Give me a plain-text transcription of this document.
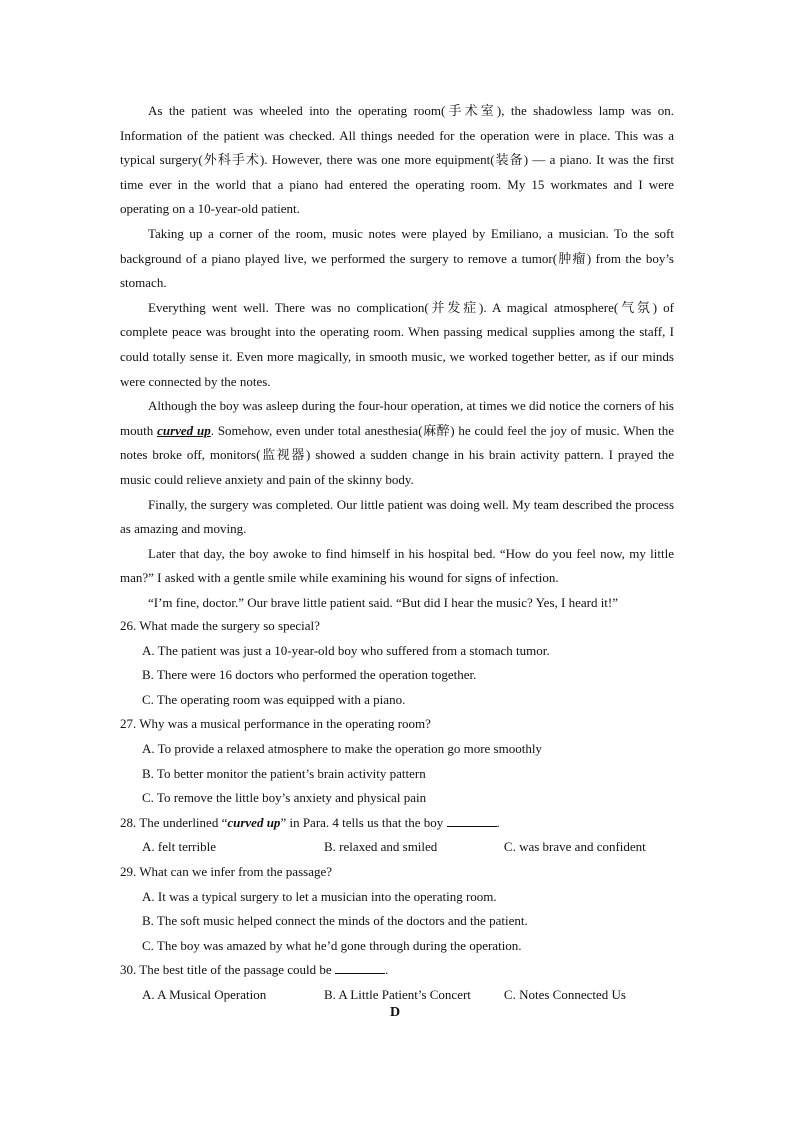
As the patient was wheeled into the operating room(手术室), the shadowless lamp was on. Information of the patient was checked. All things needed for the operation were in place. This was a typical surgery(外科手术). However, there was one more equipment(装备) — a piano. It was the first time ever in the world that a piano had entered the operating room. My 15 workmates and I were operating on a 10-year-old patient.

Taking up a corner of the room, music notes were played by Emiliano, a musician. To the soft background of a piano played live, we performed the surgery to remove a tumor(肿瘤) from the boy’s stomach.

Everything went well. There was no complication(并发症). A magical atmosphere(气氛) of complete peace was brought into the operating room. When passing medical supplies among the staff, I could totally sense it. Even more magically, in smooth music, we worked together better, as if our minds were connected by the notes.

Although the boy was asleep during the four-hour operation, at times we did notice the corners of his mouth curved up. Somehow, even under total anesthesia(麻醉) he could feel the joy of music. When the notes broke off, monitors(监视器) showed a sudden change in his brain activity pattern. I prayed the music could relieve anxiety and pain of the skinny body.

Finally, the surgery was completed. Our little patient was doing well. My team described the process as amazing and moving.

Later that day, the boy awoke to find himself in his hospital bed. “How do you feel now, my little man?” I asked with a gentle smile while examining his wound for signs of infection.

“I’m fine, doctor.” Our brave little patient said. “But did I hear the music? Yes, I heard it!”

26. What made the surgery so special?

A. The patient was just a 10-year-old boy who suffered from a stomach tumor.

B. There were 16 doctors who performed the operation together.

C. The operating room was equipped with a piano.

27. Why was a musical performance in the operating room?

A. To provide a relaxed atmosphere to make the operation go more smoothly

B. To better monitor the patient’s brain activity pattern

C. To remove the little boy’s anxiety and physical pain

28. The underlined “curved up” in Para. 4 tells us that the boy	.

A. felt terrible	B. relaxed and smiled	C. was brave and confident

29. What can we infer from the passage?

A. It was a typical surgery to let a musician into the operating room.

B. The soft music helped connect the minds of the doctors and the patient.

C. The boy was amazed by what he’d gone through during the operation.

30. The best title of the passage could be	.

A. A Musical Operation	B. A Little Patient’s Concert	C. Notes Connected Us
D
